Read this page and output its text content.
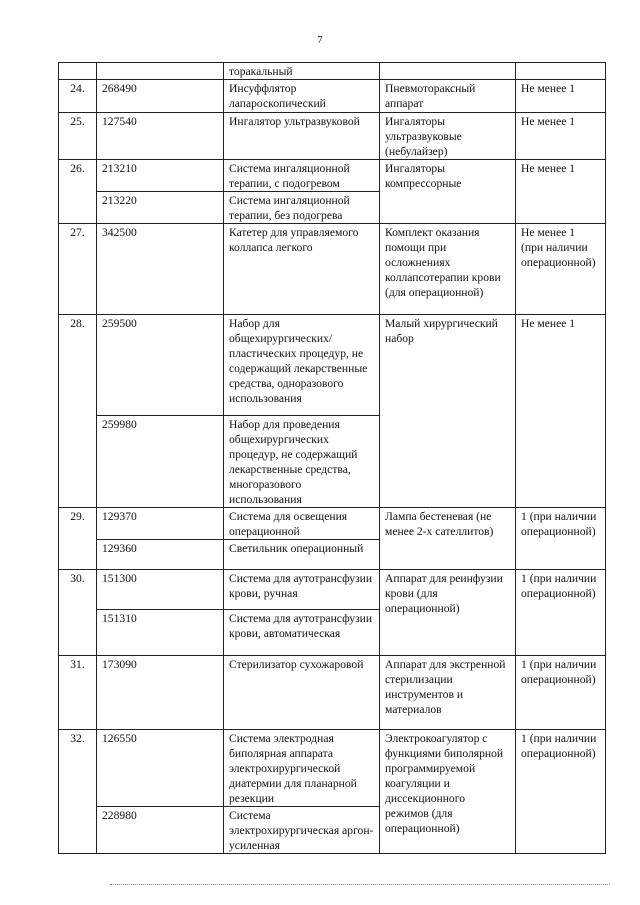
7
		торакальный		
24.	268490	Инсуффлятор лапароскопический	Пневмотораксный аппарат	Не менее 1
25.	127540	Ингалятор ультразвуковой	Ингаляторы ультразвуковые (небулайзер)	Не менее 1
26.	213210	Система ингаляционной терапии, с подогревом	Ингаляторы компрессорные	Не менее 1
	213220	Система ингаляционной терапии, без подогрева		
27.	342500	Катетер для управляемого коллапса легкого	Комплект оказания помощи при осложнениях коллапсотерапии крови (для операционной)	Не менее 1 (при наличии операционной)
28.	259500	Набор для общехирургических/ пластических процедур, не содержащий лекарственные средства, одноразового использования	Малый хирургический набор	Не менее 1
	259980	Набор для проведения общехирургических процедур, не содержащий лекарственные средства, многоразового использования		
29.	129370	Система для освещения операционной	Лампа бестеневая (не менее 2-х сателлитов)	1 (при наличии операционной)
	129360	Светильник операционный		
30.	151300	Система для аутотрансфузии крови, ручная	Аппарат для реинфузии крови (для операционной)	1 (при наличии операционной)
	151310	Система для аутотрансфузии крови, автоматическая		
31.	173090	Стерилизатор сухожаровой	Аппарат для экстренной стерилизации инструментов и материалов	1 (при наличии операционной)
32.	126550	Система электродная биполярная аппарата электрохирургической диатермии для планарной резекции	Электрокоагулятор с функциями биполярной программируемой коагуляции и диссекционного режимов (для операционной)	1 (при наличии операционной)
	228980	Система электрохирургическая аргон-усиленная		
